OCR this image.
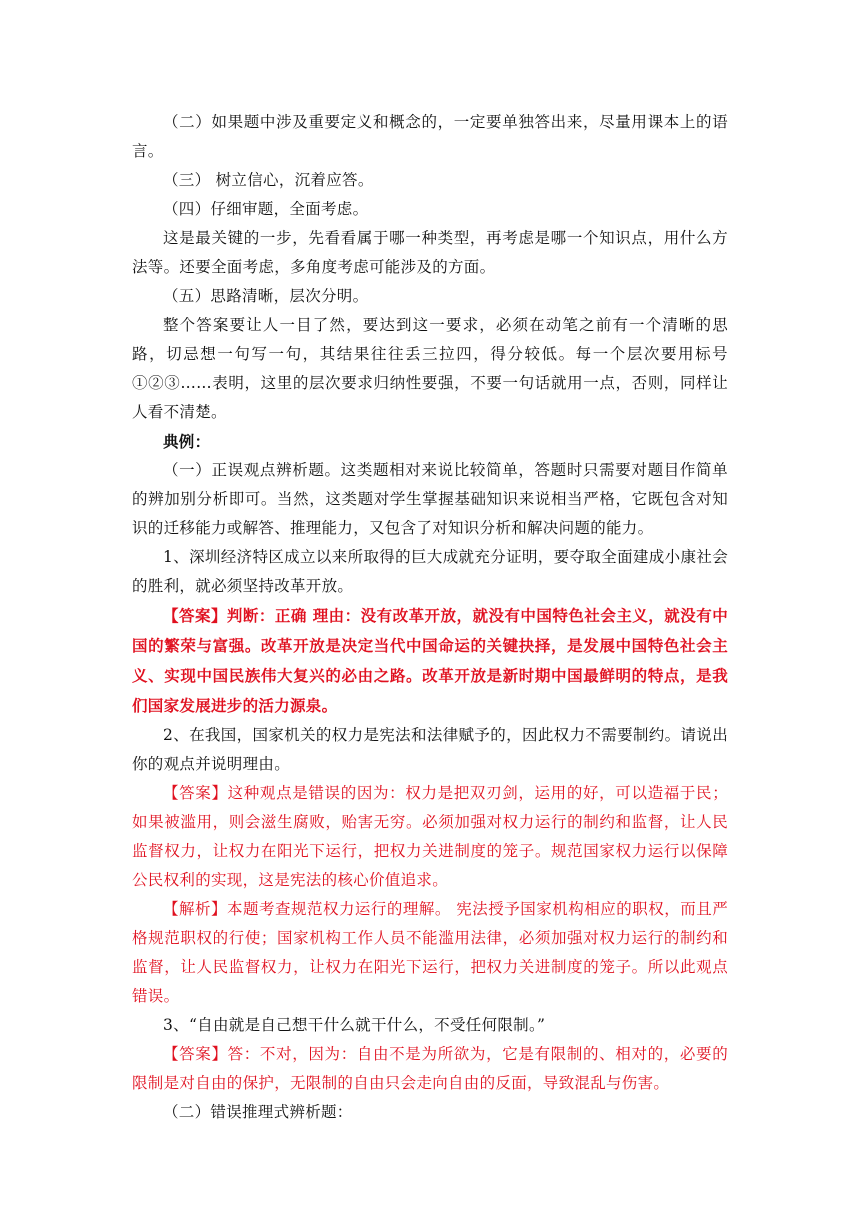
（二）如果题中涉及重要定义和概念的，一定要单独答出来，尽量用课本上的语言。

（三） 树立信心，沉着应答。

（四）仔细审题，全面考虑。

这是最关键的一步，先看看属于哪一种类型，再考虑是哪一个知识点，用什么方法等。还要全面考虑，多角度考虑可能涉及的方面。

（五）思路清晰，层次分明。

整个答案要让人一目了然，要达到这一要求，必须在动笔之前有一个清晰的思路，切忌想一句写一句，其结果往往丢三拉四，得分较低。每一个层次要用标号①②③……表明，这里的层次要求归纳性要强，不要一句话就用一点，否则，同样让人看不清楚。

典例：

（一）正误观点辨析题。这类题相对来说比较简单，答题时只需要对题目作简单的辨加别分析即可。当然，这类题对学生掌握基础知识来说相当严格，它既包含对知识的迁移能力或解答、推理能力，又包含了对知识分析和解决问题的能力。

1、深圳经济特区成立以来所取得的巨大成就充分证明，要夺取全面建成小康社会的胜利，就必须坚持改革开放。

【答案】判断：正确 理由：没有改革开放，就没有中国特色社会主义，就没有中国的繁荣与富强。改革开放是决定当代中国命运的关键抉择，是发展中国特色社会主义、实现中国民族伟大复兴的必由之路。改革开放是新时期中国最鲜明的特点，是我们国家发展进步的活力源泉。

2、在我国，国家机关的权力是宪法和法律赋予的，因此权力不需要制约。请说出你的观点并说明理由。

【答案】这种观点是错误的因为：权力是把双刃剑，运用的好，可以造福于民；如果被滥用，则会滋生腐败，贻害无穷。必须加强对权力运行的制约和监督，让人民监督权力，让权力在阳光下运行，把权力关进制度的笼子。规范国家权力运行以保障公民权利的实现，这是宪法的核心价值追求。

【解析】本题考查规范权力运行的理解。 宪法授予国家机构相应的职权，而且严格规范职权的行使；国家机构工作人员不能滥用法律，必须加强对权力运行的制约和监督，让人民监督权力，让权力在阳光下运行，把权力关进制度的笼子。所以此观点错误。

3、“自由就是自己想干什么就干什么，不受任何限制。”

【答案】答：不对，因为：自由不是为所欲为，它是有限制的、相对的，必要的限制是对自由的保护，无限制的自由只会走向自由的反面，导致混乱与伤害。

（二）错误推理式辨析题：
